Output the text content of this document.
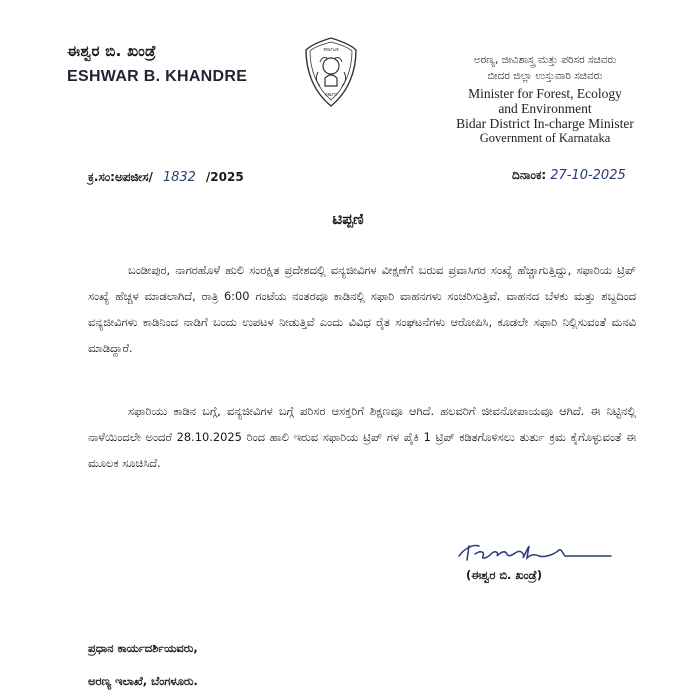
ಈಶ್ವರ ಬಿ. ಖಂಡ್ರೆ
ESHWAR B. KHANDRE
ಕರ್ನಾಟಕ
ಸರ್ಕಾರ
ಅರಣ್ಯ, ಜೀವಿಶಾಸ್ತ್ರ ಮತ್ತು ಪರಿಸರ ಸಚಿವರು
ಬೀದರ ಜಿಲ್ಲಾ ಉಸ್ತುವಾರಿ ಸಚಿವರು
Minister for Forest, Ecology
and Environment
Bidar District In-charge Minister
Government of Karnataka
ಕ್ರ.ಸಂ:ಅಪಜೀಸ/ 1832 /2025	ದಿನಾಂಕ: 27-10-2025
ಟಿಪ್ಪಣಿ
ಬಂಡೀಪುರ, ನಾಗರಹೊಳೆ ಹುಲಿ ಸಂರಕ್ಷಿತ ಪ್ರದೇಶದಲ್ಲಿ ವನ್ಯಜೀವಿಗಳ ವೀಕ್ಷಣೆಗೆ ಬರುವ ಪ್ರವಾಸಿಗರ ಸಂಖ್ಯೆ ಹೆಚ್ಚಾಗುತ್ತಿದ್ದು, ಸಫಾರಿಯ ಟ್ರಿಪ್ ಸಂಖ್ಯೆ ಹೆಚ್ಚಳ ಮಾಡಲಾಗಿದೆ, ರಾತ್ರಿ 6:00 ಗಂಟೆಯ ನಂತರವೂ ಕಾಡಿನಲ್ಲಿ ಸಫಾರಿ ವಾಹನಗಳು ಸಂಚರಿಸುತ್ತಿವೆ. ವಾಹನದ ಬೆಳಕು ಮತ್ತು ಶಬ್ದದಿಂದ ವನ್ಯಜೀವಿಗಳು ಕಾಡಿನಿಂದ ನಾಡಿಗೆ ಬಂದು ಉಪಟಳ ನೀಡುತ್ತಿವೆ ಎಂದು ವಿವಿಧ ರೈತ ಸಂಘಟನೆಗಳು ಆರೋಪಿಸಿ, ಕೂಡಲೇ ಸಫಾರಿ ನಿಲ್ಲಿಸುವಂತೆ ಮನವಿ ಮಾಡಿದ್ದಾರೆ.
ಸಫಾರಿಯು ಕಾಡಿನ ಬಗ್ಗೆ, ವನ್ಯಜೀವಿಗಳ ಬಗ್ಗೆ ಪರಿಸರ ಆಸಕ್ತರಿಗೆ ಶಿಕ್ಷಣವೂ ಆಗಿದೆ. ಹಲವರಿಗೆ ಜೀವನೋಪಾಯವೂ ಆಗಿದೆ. ಈ ನಿಟ್ಟಿನಲ್ಲಿ ನಾಳೆಯಿಂದಲೇ ಅಂದರೆ 28.10.2025 ರಿಂದ ಹಾಲಿ ಇರುವ ಸಫಾರಿಯ ಟ್ರಿಪ್ ಗಳ ಪೈಕಿ 1 ಟ್ರಿಪ್ ಕಡಿತಗೊಳಿಸಲು ತುರ್ತು ಕ್ರಮ ಕೈಗೊಳ್ಳುವಂತೆ ಈ ಮೂಲಕ ಸೂಚಿಸಿದೆ.
(ಈಶ್ವರ ಬಿ. ಖಂಡ್ರೆ)
ಪ್ರಧಾನ ಕಾರ್ಯದರ್ಶಿಯವರು,
ಅರಣ್ಯ ಇಲಾಖೆ, ಬೆಂಗಳೂರು.
